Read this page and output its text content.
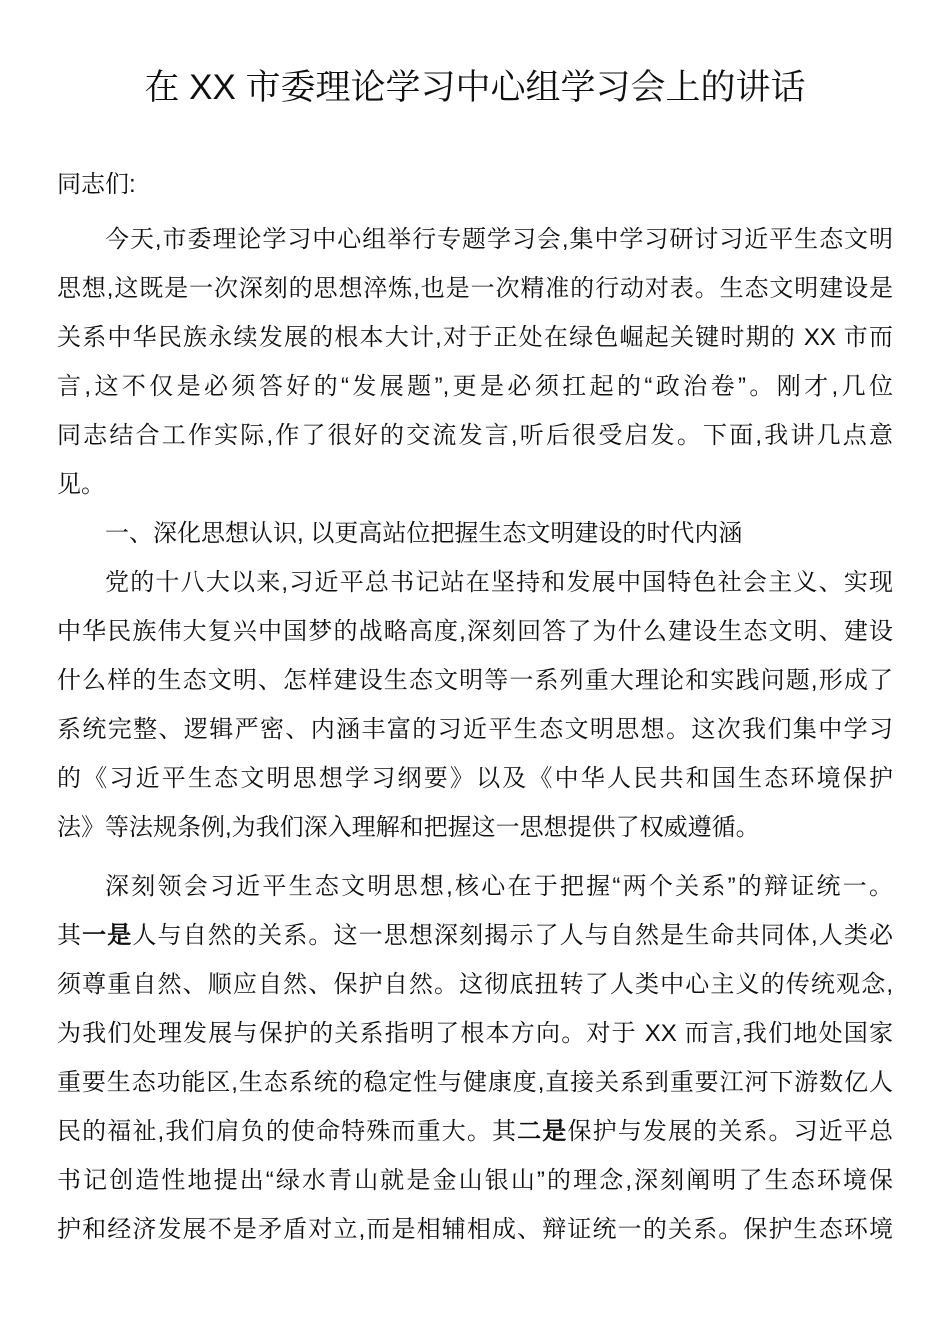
在 XX 市委理论学习中心组学习会上的讲话

同志们:

今天,市委理论学习中心组举行专题学习会,集中学习研讨习近平生态文明

思想,这既是一次深刻的思想淬炼,也是一次精准的行动对表。生态文明建设是

关系中华民族永续发展的根本大计,对于正处在绿色崛起关键时期的 XX 市而

言,这不仅是必须答好的“发展题”,更是必须扛起的“政治卷”。刚才,几位

同志结合工作实际,作了很好的交流发言,听后很受启发。下面,我讲几点意

见。

一、深化思想认识, 以更高站位把握生态文明建设的时代内涵

党的十八大以来,习近平总书记站在坚持和发展中国特色社会主义、实现

中华民族伟大复兴中国梦的战略高度,深刻回答了为什么建设生态文明、建设

什么样的生态文明、怎样建设生态文明等一系列重大理论和实践问题,形成了

系统完整、逻辑严密、内涵丰富的习近平生态文明思想。这次我们集中学习

的《习近平生态文明思想学习纲要》以及《中华人民共和国生态环境保护

法》等法规条例,为我们深入理解和把握这一思想提供了权威遵循。

深刻领会习近平生态文明思想,核心在于把握“两个关系”的辩证统一。

其一是人与自然的关系。这一思想深刻揭示了人与自然是生命共同体,人类必

须尊重自然、顺应自然、保护自然。这彻底扭转了人类中心主义的传统观念,

为我们处理发展与保护的关系指明了根本方向。对于 XX 而言,我们地处国家

重要生态功能区,生态系统的稳定性与健康度,直接关系到重要江河下游数亿人

民的福祉,我们肩负的使命特殊而重大。其二是保护与发展的关系。习近平总

书记创造性地提出“绿水青山就是金山银山”的理念,深刻阐明了生态环境保

护和经济发展不是矛盾对立,而是相辅相成、辩证统一的关系。保护生态环境
